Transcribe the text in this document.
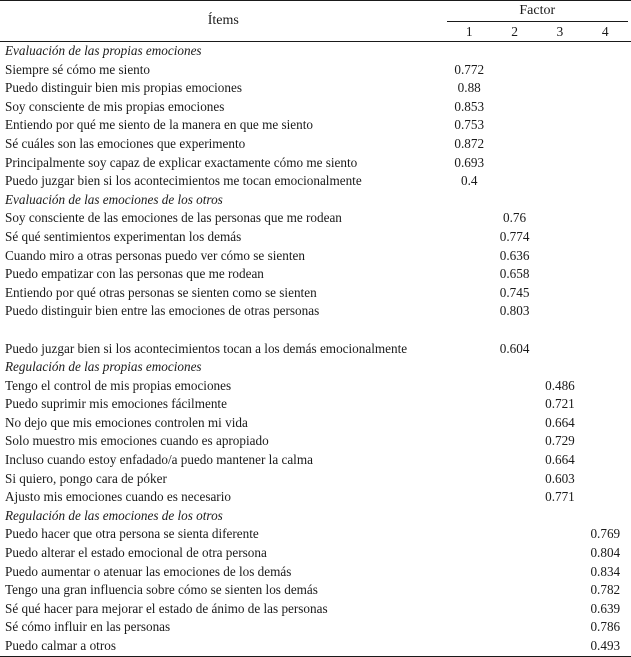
Ítems	Factor				

	1	2	3	4	
Evaluación de las propias emociones					
Siempre sé cómo me siento	0.772				
Puedo distinguir bien mis propias emociones	0.88				
Soy consciente de mis propias emociones	0.853				
Entiendo por qué me siento de la manera en que me siento	0.753				
Sé cuáles son las emociones que experimento	0.872				
Principalmente soy capaz de explicar exactamente cómo me siento	0.693				
Puedo juzgar bien si los acontecimientos me tocan emocionalmente	0.4				
Evaluación de las emociones de los otros					
Soy consciente de las emociones de las personas que me rodean		0.76			
Sé qué sentimientos experimentan los demás		0.774			
Cuando miro a otras personas puedo ver cómo se sienten		0.636			
Puedo empatizar con las personas que me rodean		0.658			
Entiendo por qué otras personas se sienten como se sienten		0.745			
Puedo distinguir bien entre las emociones de otras personas		0.803			
Puedo juzgar bien si los acontecimientos tocan a los demás emocionalmente		0.604			
Regulación de las propias emociones					
Tengo el control de mis propias emociones			0.486		
Puedo suprimir mis emociones fácilmente			0.721		
No dejo que mis emociones controlen mi vida			0.664		
Solo muestro mis emociones cuando es apropiado			0.729		
Incluso cuando estoy enfadado/a puedo mantener la calma			0.664		
Si quiero, pongo cara de póker			0.603		
Ajusto mis emociones cuando es necesario			0.771		
Regulación de las emociones de los otros					
Puedo hacer que otra persona se sienta diferente				0.769	
Puedo alterar el estado emocional de otra persona				0.804	
Puedo aumentar o atenuar las emociones de los demás				0.834	
Tengo una gran influencia sobre cómo se sienten los demás				0.782	
Sé qué hacer para mejorar el estado de ánimo de las personas				0.639	
Sé cómo influir en las personas				0.786	
Puedo calmar a otros				0.493	
